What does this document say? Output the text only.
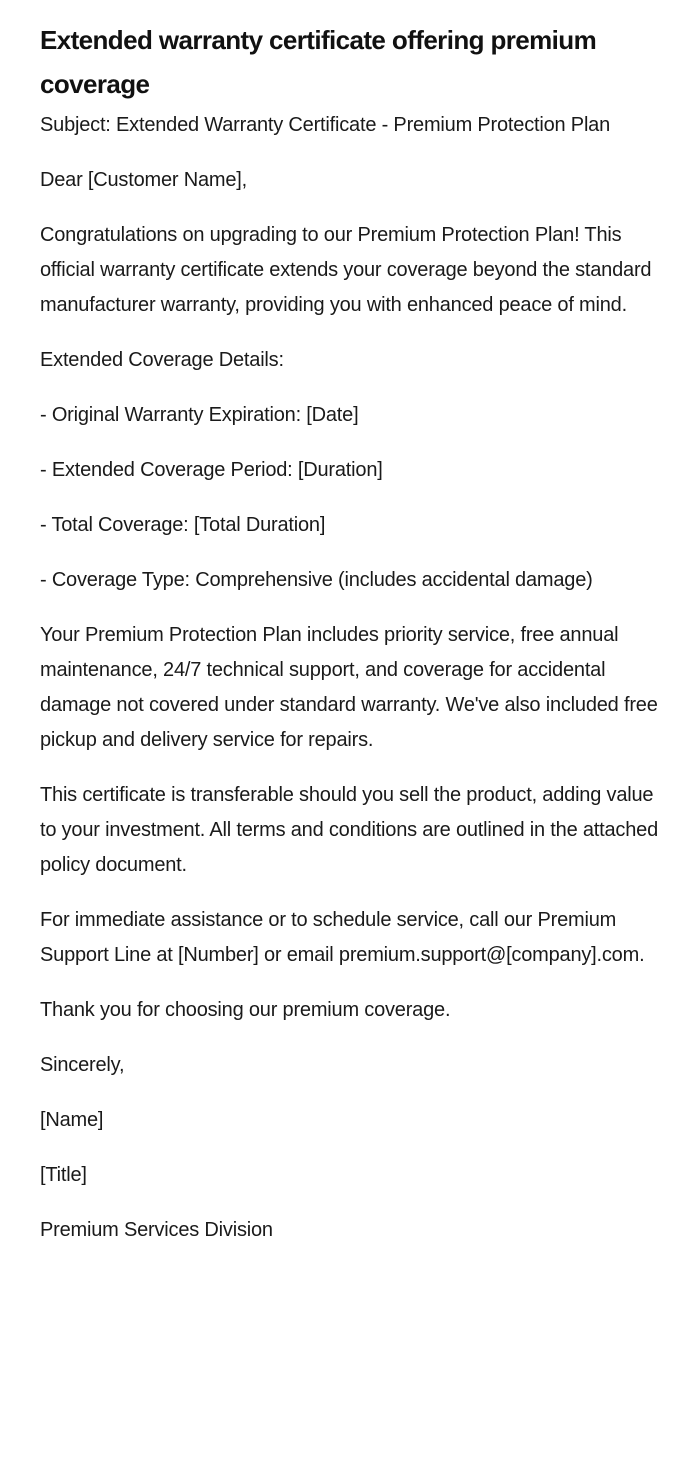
Extended warranty certificate offering premium coverage

Subject: Extended Warranty Certificate - Premium Protection Plan

Dear [Customer Name],

Congratulations on upgrading to our Premium Protection Plan! This official warranty certificate extends your coverage beyond the standard manufacturer warranty, providing you with enhanced peace of mind.

Extended Coverage Details:

- Original Warranty Expiration: [Date]

- Extended Coverage Period: [Duration]

- Total Coverage: [Total Duration]

- Coverage Type: Comprehensive (includes accidental damage)

Your Premium Protection Plan includes priority service, free annual maintenance, 24/7 technical support, and coverage for accidental damage not covered under standard warranty. We've also included free pickup and delivery service for repairs.

This certificate is transferable should you sell the product, adding value to your investment. All terms and conditions are outlined in the attached policy document.

For immediate assistance or to schedule service, call our Premium Support Line at [Number] or email premium.support@[company].com.

Thank you for choosing our premium coverage.

Sincerely,

[Name]

[Title]

Premium Services Division
